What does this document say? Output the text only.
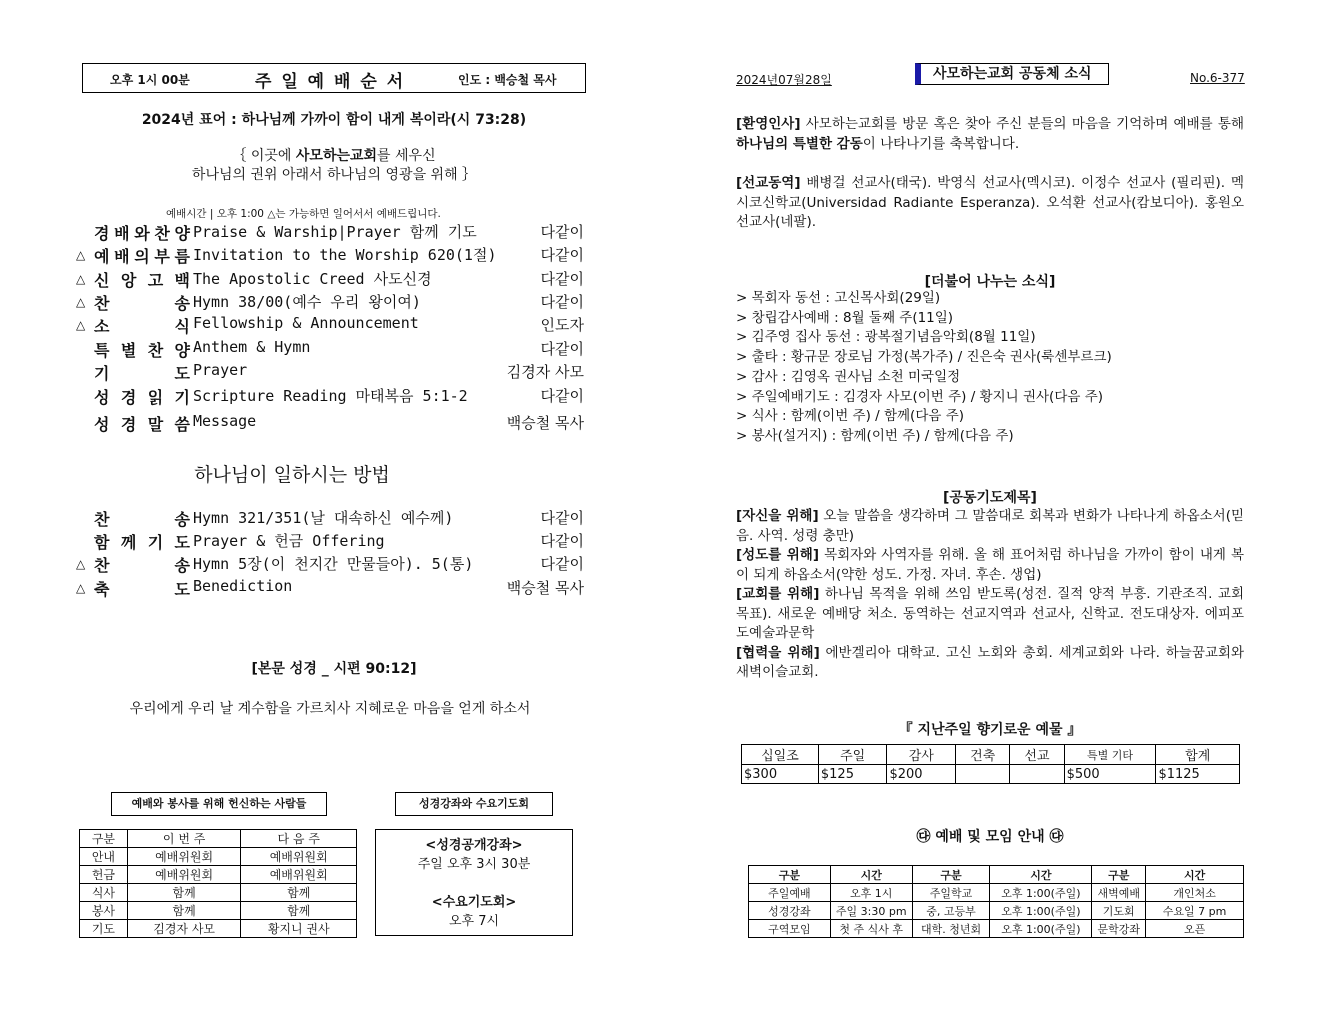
오후 1시 00분	주 일 예 배 순 서	인도 : 백승철 목사
2024년 표어 : 하나님께 가까이 함이 내게 복이라(시 73:28)
｛ 이곳에 사모하는교회를 세우신
하나님의 권위 아래서 하나님의 영광을 위해 ｝
예배시간 | 오후 1:00 △는 가능하면 일어서서 예배드립니다.
경 배 와 찬 양 Praise & Warship|Prayer 함께 기도	다같이
△ 예 배 의 부 름 Invitation to the Worship 620(1절)	다같이
△ 신 앙 고 백 The Apostolic Creed 사도신경	다같이
△ 찬	송 Hymn 38/00(예수 우리 왕이여)	다같이
△ 소	식 Fellowship & Announcement	인도자
특 별 찬 양 Anthem & Hymn	다같이
기	도 Prayer	김경자 사모
성 경 읽 기 Scripture Reading 마태복음 5:1-2	다같이
성 경 말 씀 Message	백승철 목사
하나님이 일하시는 방법
찬	송 Hymn 321/351(날 대속하신 예수께)	다같이
함 께 기 도 Prayer & 헌금 Offering	다같이
△ 찬	송 Hymn 5장(이 천지간 만물들아). 5(통)	다같이
△ 축	도 Benediction	백승철 목사
[본문 성경 _ 시편 90:12]
우리에게 우리 날 계수함을 가르치사 지혜로운 마음을 얻게 하소서
예배와 봉사를 위해 헌신하는 사람들	성경강좌와 수요기도회
구분	이 번 주	다 음 주
안내	예배위원회	예배위원회
헌금	예배위원회	예배위원회
식사	함께	함께
봉사	함께	함께
기도	김경자 사모	황지니 권사
<성경공개강좌>
주일 오후 3시 30분
<수요기도회>
오후 7시
2024년07월28일	사모하는교회 공동체 소식	No.6-377
[환영인사] 사모하는교회를 방문 혹은 찾아 주신 분들의 마음을 기억하며 예배를 통해 하나님의 특별한 감동이 나타나기를 축복합니다.
[선교동역] 배병걸 선교사(태국). 박영식 선교사(멕시코). 이정수 선교사 (필리핀). 멕시코신학교(Universidad Radiante Esperanza). 오석환 선교사(캄보디아). 홍원오 선교사(네팔).
[더불어 나누는 소식]
> 목회자 동선 : 고신목사회(29일)
> 창립감사예배 : 8월 둘째 주(11일)
> 김주영 집사 동선 : 광복절기념음악회(8월 11일)
> 출타 : 황규문 장로님 가정(복가주) / 진은숙 권사(룩센부르크)
> 감사 : 김영옥 권사님 소천 미국일정
> 주일예배기도 : 김경자 사모(이번 주) / 황지니 권사(다음 주)
> 식사 : 함께(이번 주) / 함께(다음 주)
> 봉사(설거지) : 함께(이번 주) / 함께(다음 주)
[공동기도제목]
[자신을 위해] 오늘 말씀을 생각하며 그 말씀대로 회복과 변화가 나타나게 하옵소서(믿음. 사역. 성령 충만)
[성도를 위해] 목회자와 사역자를 위해. 올 해 표어처럼 하나님을 가까이 함이 내게 복이 되게 하옵소서(약한 성도. 가정. 자녀. 후손. 생업)
[교회를 위해] 하나님 목적을 위해 쓰임 받도록(성전. 질적 양적 부흥. 기관조직. 교회 목표). 새로운 예배당 처소. 동역하는 선교지역과 선교사, 신학교. 전도대상자. 에피포도예술과문학
[협력을 위해] 에반겔리아 대학교. 고신 노회와 총회. 세계교회와 나라. 하늘꿈교회와 새벽이슬교회.
『 지난주일 향기로운 예물 』
십일조	주일	감사	건축	선교	특별 기타	합계
$300	$125	$200			$500	$1125
㉰ 예배 및 모임 안내 ㉰
구분	시간	구분	시간	구분	시간
주일예배	오후 1시	주일학교	오후 1:00(주일)	새벽예배	개인처소
성경강좌	주일 3:30 pm	중, 고등부	오후 1:00(주일)	기도회	수요일 7 pm
구역모임	첫 주 식사 후	대학. 청년회	오후 1:00(주일)	문학강좌	오픈
